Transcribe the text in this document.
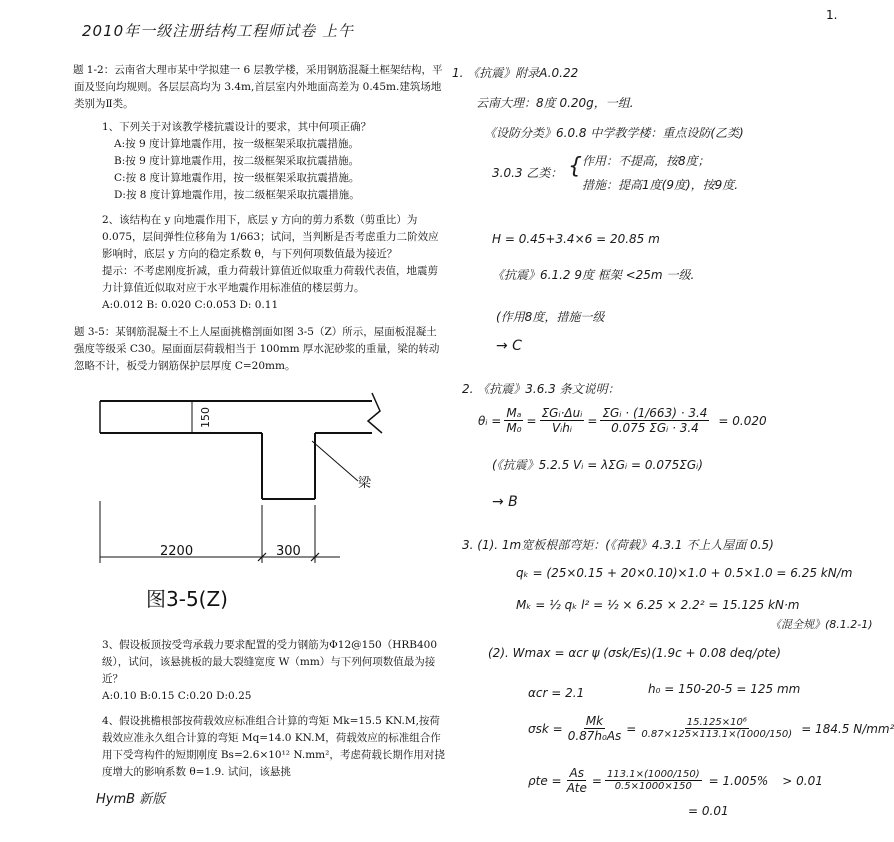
1.
2010年一级注册结构工程师试卷 上午

题 1-2：云南省大理市某中学拟建一 6 层教学楼，采用钢筋混凝土框架结构，平面及竖向均规则。各层层高均为 3.4m,首层室内外地面高差为 0.45m.建筑场地类别为Ⅱ类。

1、下列关于对该教学楼抗震设计的要求，其中何项正确？

A:按 9 度计算地震作用，按一级框架采取抗震措施。

B:按 9 度计算地震作用，按二级框架采取抗震措施。

C:按 8 度计算地震作用，按一级框架采取抗震措施。

D:按 8 度计算地震作用，按二级框架采取抗震措施。

2、该结构在 y 向地震作用下，底层 y 方向的剪力系数（剪重比）为 0.075，层间弹性位移角为 1/663；试问，当判断是否考虑重力二阶效应影响时，底层 y 方向的稳定系数 θ，与下列何项数值最为接近？

提示：不考虑刚度折减，重力荷载计算值近似取重力荷载代表值，地震剪力计算值近似取对应于水平地震作用标准值的楼层剪力。

A:0.012 B: 0.020 C:0.053 D: 0.11

题 3-5：某钢筋混凝土不上人屋面挑檐剖面如图 3-5（Z）所示，屋面板混凝土强度等级采 C30。屋面面层荷载相当于 100mm 厚水泥砂浆的重量，梁的转动忽略不计，板受力钢筋保护层厚度 C=20mm。

150
梁
2200	300
图3-5(Z)

3、假设板顶按受弯承载力要求配置的受力钢筋为Φ12@150（HRB400 级），试问，该悬挑板的最大裂缝宽度 W（mm）与下列何项数值最为接近？

A:0.10 B:0.15 C:0.20 D:0.25

4、假设挑檐根部按荷载效应标准组合计算的弯矩 Mk=15.5 KN.M,按荷载效应准永久组合计算的弯矩 Mq=14.0 KN.M，荷载效应的标准组合作用下受弯构件的短期刚度 Bs=2.6×10¹² N.mm²，考虑荷载长期作用对挠度增大的影响系数 θ=1.9. 试问，该悬挑

HymB 新版
1. 《抗震》附录A.0.22
云南大理：8度 0.20g，一组.
《设防分类》6.0.8 中学教学楼：重点设防(乙类)
3.0.3 乙类： { 作用：不提高，按8度；
措施：提高1度(9度)，按9度.
H = 0.45+3.4×6 = 20.85 m
《抗震》6.1.2 9度 框架 <25m 一级.
(作用8度，措施一级
→ C
2. 《抗震》3.6.3 条文说明：
θᵢ = $\frac{\text{Mₐ}}{\text{M₀}} = \frac{\text{ΣGᵢ·Δuᵢ}}{\text{Vᵢhᵢ}} = \frac{\text{ΣGᵢ · (1/663) · 3.4}}{\text{0.075 ΣGᵢ · 3.4}} = 0.020$
(《抗震》5.2.5 Vᵢ = λΣGᵢ = 0.075ΣGᵢ)
→ B
3. (1). 1m宽板根部弯矩：(《荷载》4.3.1 不上人屋面 0.5)
qₖ = (25×0.15 + 20×0.10)×1.0 + 0.5×1.0 = 6.25 kN/m
Mₖ = ½ qₖ l² = ½ × 6.25 × 2.2² = 15.125 kN·m
《混全规》(8.1.2-1)
(2). Wmax = αcr ψ (σsk/Es)(1.9c + 0.08 deq/ρte)
αcr = 2.1	h₀ = 150-20-5 = 125 mm
$\sigma sk = \frac{Mk}{\text{0.87h₀As}} = \frac{\text{15.125×10⁶}}{0.87\times 125\times 113.1\times(1000/150)} = 184.5$ N/mm²
$\rho te = \frac{As}{\text{Ate}} = \frac{113.1\times(1000/150)}{0.5\times 1000\times 150} = 1.005\% > 0.01$
= 0.01
